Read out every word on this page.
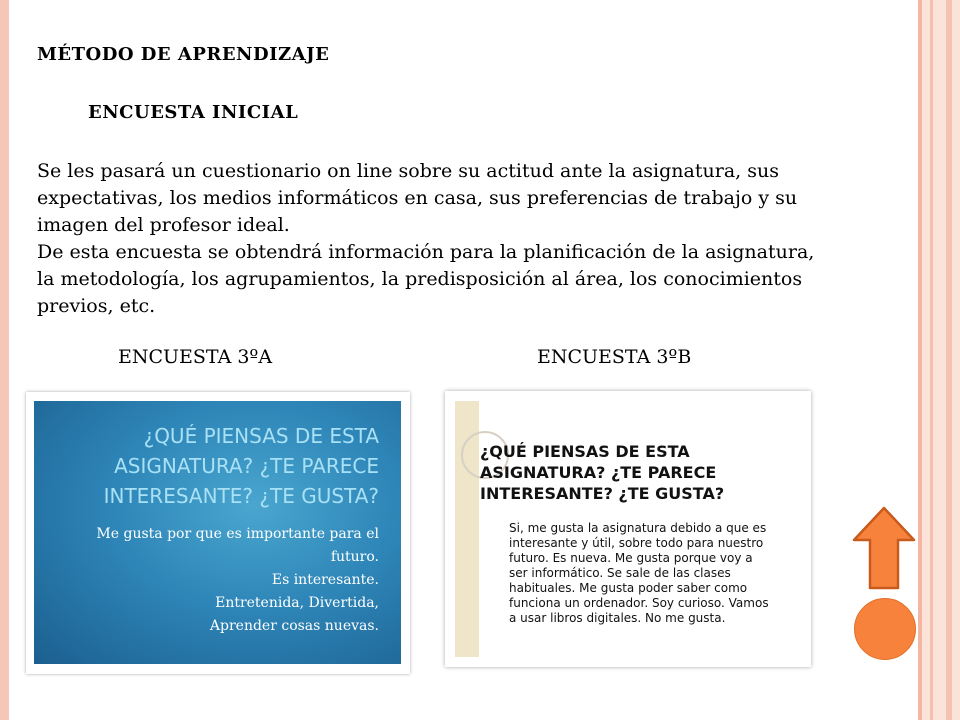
MÉTODO DE APRENDIZAJE
ENCUESTA INICIAL

Se les pasará un cuestionario on line sobre su actitud ante la asignatura, sus expectativas, los medios informáticos en casa, sus preferencias de trabajo y su imagen del profesor ideal.

De esta encuesta se obtendrá información para la planificación de la asignatura, la metodología, los agrupamientos, la predisposición al área, los conocimientos previos, etc.

ENCUESTA 3ºA	ENCUESTA 3ºB
¿QUÉ PIENSAS DE ESTA ASIGNATURA? ¿TE PARECE INTERESANTE? ¿TE GUSTA?
Me gusta por que es importante para el futuro.
Es interesante.
Entretenida, Divertida,
Aprender cosas nuevas.
¿QUÉ PIENSAS DE ESTA ASIGNATURA? ¿TE PARECE INTERESANTE? ¿TE GUSTA?
Si, me gusta la asignatura debido a que es interesante y útil, sobre todo para nuestro futuro. Es nueva. Me gusta porque voy a ser informático. Se sale de las clases habituales. Me gusta poder saber como funciona un ordenador. Soy curioso. Vamos a usar libros digitales. No me gusta.
